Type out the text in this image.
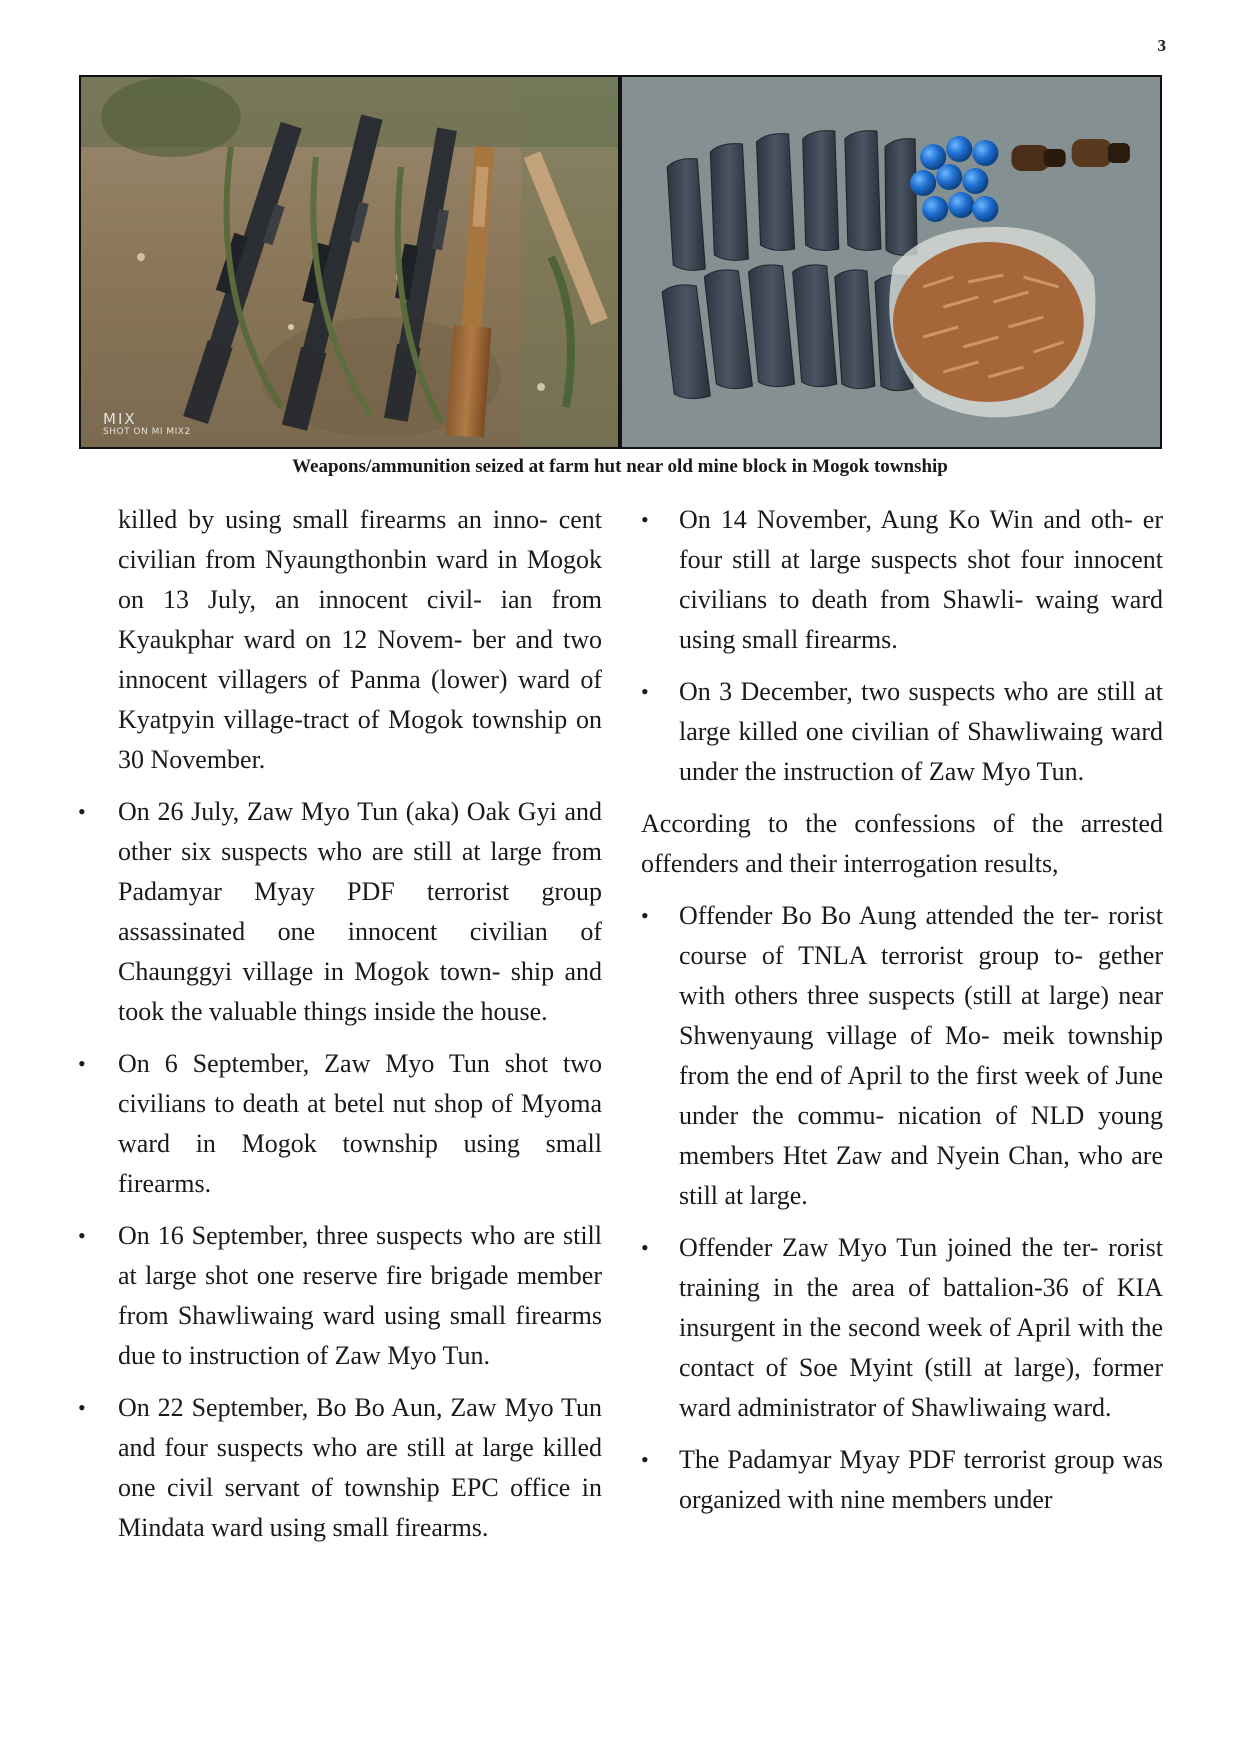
3
MIX
SHOT ON MI MIX2
Weapons/ammunition seized at farm hut near old mine block in Mogok township

killed by using small firearms an inno- cent civilian from Nyaungthonbin ward in Mogok on 13 July, an innocent civil- ian from Kyaukphar ward on 12 Novem- ber and two innocent villagers of Panma (lower) ward of Kyatpyin village-tract of Mogok township on 30 November.

• On 26 July, Zaw Myo Tun (aka) Oak Gyi and other six suspects who are still at large from Padamyar Myay PDF terrorist group assassinated one innocent civilian of Chaunggyi village in Mogok town- ship and took the valuable things inside the house.
• On 6 September, Zaw Myo Tun shot two civilians to death at betel nut shop of Myoma ward in Mogok township using small firearms.
• On 16 September, three suspects who are still at large shot one reserve fire brigade member from Shawliwaing ward using small firearms due to instruction of Zaw Myo Tun.
• On 22 September, Bo Bo Aun, Zaw Myo Tun and four suspects who are still at large killed one civil servant of township EPC office in Mindata ward using small firearms.
• On 14 November, Aung Ko Win and oth- er four still at large suspects shot four innocent civilians to death from Shawli- waing ward using small firearms.
• On 3 December, two suspects who are still at large killed one civilian of Shawliwaing ward under the instruction of Zaw Myo Tun.

According to the confessions of the arrested offenders and their interrogation results,

• Offender Bo Bo Aung attended the ter- rorist course of TNLA terrorist group to- gether with others three suspects (still at large) near Shwenyaung village of Mo- meik township from the end of April to the first week of June under the commu- nication of NLD young members Htet Zaw and Nyein Chan, who are still at large.
• Offender Zaw Myo Tun joined the ter- rorist training in the area of battalion-36 of KIA insurgent in the second week of April with the contact of Soe Myint (still at large), former ward administrator of Shawliwaing ward.
• The Padamyar Myay PDF terrorist group was organized with nine members under
